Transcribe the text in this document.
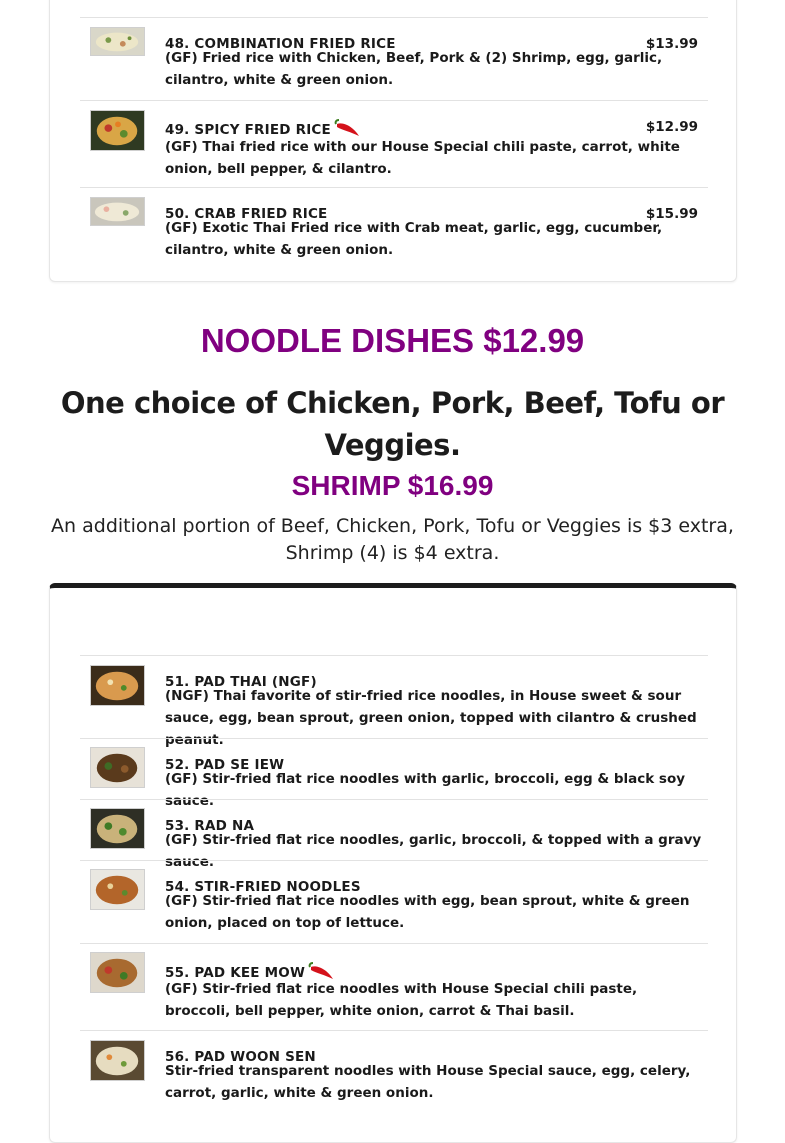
48. COMBINATION FRIED RICE
(GF) Fried rice with Chicken, Beef, Pork & (2) Shrimp, egg, garlic, cilantro, white & green onion.
$13.99
49. SPICY FRIED RICE
(GF) Thai fried rice with our House Special chili paste, carrot, white onion, bell pepper, & cilantro.
$12.99
50. CRAB FRIED RICE
(GF) Exotic Thai Fried rice with Crab meat, garlic, egg, cucumber, cilantro, white & green onion.
$15.99
NOODLE DISHES $12.99
One choice of Chicken, Pork, Beef, Tofu or Veggies.
SHRIMP $16.99
An additional portion of Beef, Chicken, Pork, Tofu or Veggies is $3 extra, Shrimp (4) is $4 extra.
51. PAD THAI (NGF)
(NGF) Thai favorite of stir-fried rice noodles, in House sweet & sour sauce, egg, bean sprout, green onion, topped with cilantro & crushed peanut.
52. PAD SE IEW
(GF) Stir-fried flat rice noodles with garlic, broccoli, egg & black soy sauce.
53. RAD NA
(GF) Stir-fried flat rice noodles, garlic, broccoli, & topped with a gravy sauce.
54. STIR-FRIED NOODLES
(GF) Stir-fried flat rice noodles with egg, bean sprout, white & green onion, placed on top of lettuce.
55. PAD KEE MOW
(GF) Stir-fried flat rice noodles with House Special chili paste, broccoli, bell pepper, white onion, carrot & Thai basil.
56. PAD WOON SEN
Stir-fried transparent noodles with House Special sauce, egg, celery, carrot, garlic, white & green onion.
